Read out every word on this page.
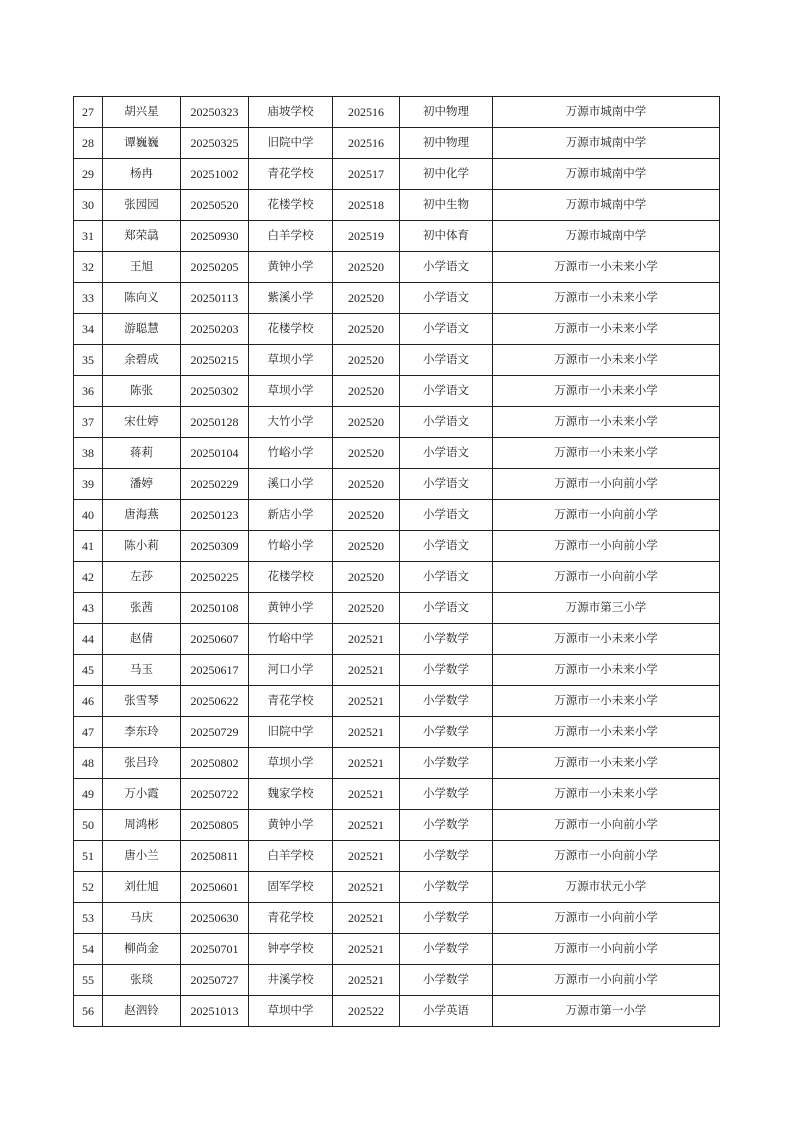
27	胡兴星	20250323	庙坡学校	202516	初中物理	万源市城南中学
28	谭巍巍	20250325	旧院中学	202516	初中物理	万源市城南中学
29	杨冉	20251002	青花学校	202517	初中化学	万源市城南中学
30	张园园	20250520	花楼学校	202518	初中生物	万源市城南中学
31	郑荣骉	20250930	白羊学校	202519	初中体育	万源市城南中学
32	王旭	20250205	黄钟小学	202520	小学语文	万源市一小未来小学
33	陈向义	20250113	紫溪小学	202520	小学语文	万源市一小未来小学
34	游聪慧	20250203	花楼学校	202520	小学语文	万源市一小未来小学
35	余碧成	20250215	草坝小学	202520	小学语文	万源市一小未来小学
36	陈张	20250302	草坝小学	202520	小学语文	万源市一小未来小学
37	宋仕婷	20250128	大竹小学	202520	小学语文	万源市一小未来小学
38	蒋莉	20250104	竹峪小学	202520	小学语文	万源市一小未来小学
39	潘婷	20250229	溪口小学	202520	小学语文	万源市一小向前小学
40	唐海燕	20250123	新店小学	202520	小学语文	万源市一小向前小学
41	陈小莉	20250309	竹峪小学	202520	小学语文	万源市一小向前小学
42	左莎	20250225	花楼学校	202520	小学语文	万源市一小向前小学
43	张茜	20250108	黄钟小学	202520	小学语文	万源市第三小学
44	赵倩	20250607	竹峪中学	202521	小学数学	万源市一小未来小学
45	马玉	20250617	河口小学	202521	小学数学	万源市一小未来小学
46	张雪琴	20250622	青花学校	202521	小学数学	万源市一小未来小学
47	李东玲	20250729	旧院中学	202521	小学数学	万源市一小未来小学
48	张吕玲	20250802	草坝小学	202521	小学数学	万源市一小未来小学
49	万小霞	20250722	魏家学校	202521	小学数学	万源市一小未来小学
50	周鸿彬	20250805	黄钟小学	202521	小学数学	万源市一小向前小学
51	唐小兰	20250811	白羊学校	202521	小学数学	万源市一小向前小学
52	刘仕旭	20250601	固军学校	202521	小学数学	万源市状元小学
53	马庆	20250630	青花学校	202521	小学数学	万源市一小向前小学
54	柳尚金	20250701	钟亭学校	202521	小学数学	万源市一小向前小学
55	张琰	20250727	井溪学校	202521	小学数学	万源市一小向前小学
56	赵泗铃	20251013	草坝中学	202522	小学英语	万源市第一小学
